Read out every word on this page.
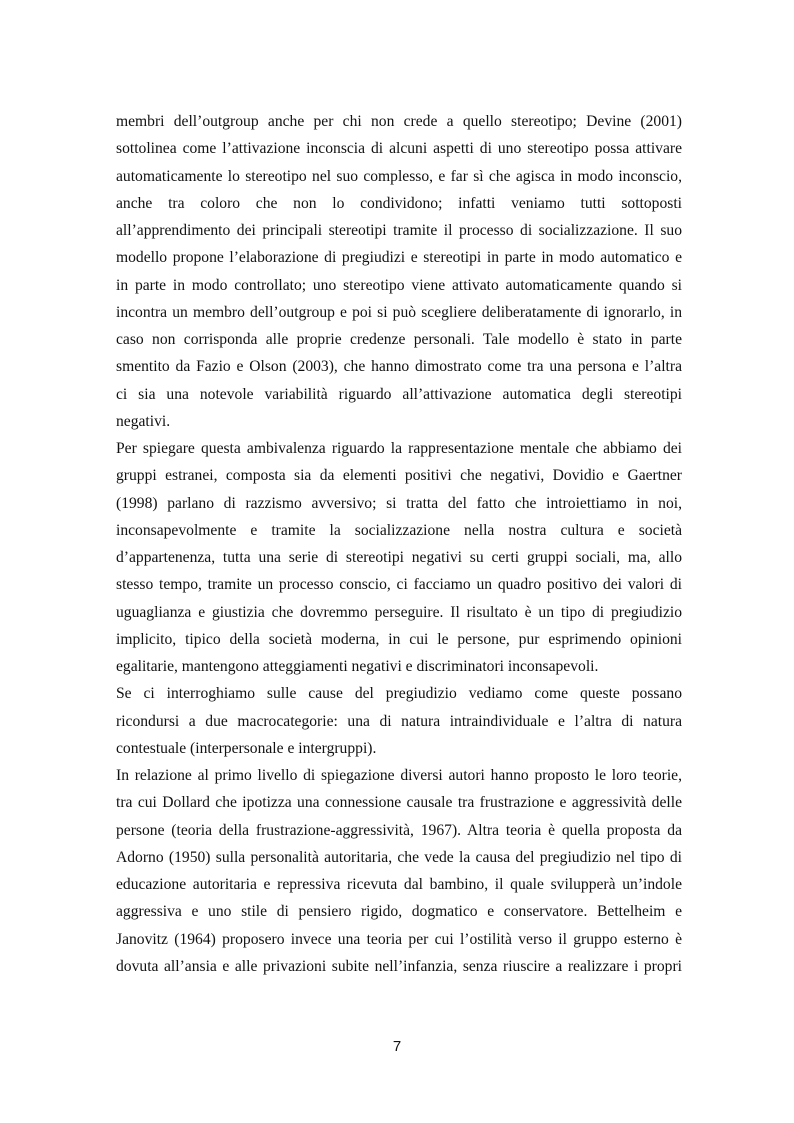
membri dell’outgroup anche per chi non crede a quello stereotipo; Devine (2001)
sottolinea come l’attivazione inconscia di alcuni aspetti di uno stereotipo possa attivare
automaticamente lo stereotipo nel suo complesso, e far sì che agisca in modo inconscio,
anche tra coloro che non lo condividono; infatti veniamo tutti sottoposti
all’apprendimento dei principali stereotipi tramite il processo di socializzazione. Il suo
modello propone l’elaborazione di pregiudizi e stereotipi in parte in modo automatico e
in parte in modo controllato; uno stereotipo viene attivato automaticamente quando si
incontra un membro dell’outgroup e poi si può scegliere deliberatamente di ignorarlo, in
caso non corrisponda alle proprie credenze personali. Tale modello è stato in parte
smentito da Fazio e Olson (2003), che hanno dimostrato come tra una persona e l’altra
ci sia una notevole variabilità riguardo all’attivazione automatica degli stereotipi
negativi.
Per spiegare questa ambivalenza riguardo la rappresentazione mentale che abbiamo dei
gruppi estranei, composta sia da elementi positivi che negativi, Dovidio e Gaertner
(1998) parlano di razzismo avversivo; si tratta del fatto che introiettiamo in noi,
inconsapevolmente e tramite la socializzazione nella nostra cultura e società
d’appartenenza, tutta una serie di stereotipi negativi su certi gruppi sociali, ma, allo
stesso tempo, tramite un processo conscio, ci facciamo un quadro positivo dei valori di
uguaglianza e giustizia che dovremmo perseguire. Il risultato è un tipo di pregiudizio
implicito, tipico della società moderna, in cui le persone, pur esprimendo opinioni
egalitarie, mantengono atteggiamenti negativi e discriminatori inconsapevoli.
Se ci interroghiamo sulle cause del pregiudizio vediamo come queste possano
ricondursi a due macrocategorie: una di natura intraindividuale e l’altra di natura
contestuale (interpersonale e intergruppi).
In relazione al primo livello di spiegazione diversi autori hanno proposto le loro teorie,
tra cui Dollard che ipotizza una connessione causale tra frustrazione e aggressività delle
persone (teoria della frustrazione-aggressività, 1967). Altra teoria è quella proposta da
Adorno (1950) sulla personalità autoritaria, che vede la causa del pregiudizio nel tipo di
educazione autoritaria e repressiva ricevuta dal bambino, il quale svilupperà un’indole
aggressiva e uno stile di pensiero rigido, dogmatico e conservatore. Bettelheim e
Janovitz (1964) proposero invece una teoria per cui l’ostilità verso il gruppo esterno è
dovuta all’ansia e alle privazioni subite nell’infanzia, senza riuscire a realizzare i propri
7
